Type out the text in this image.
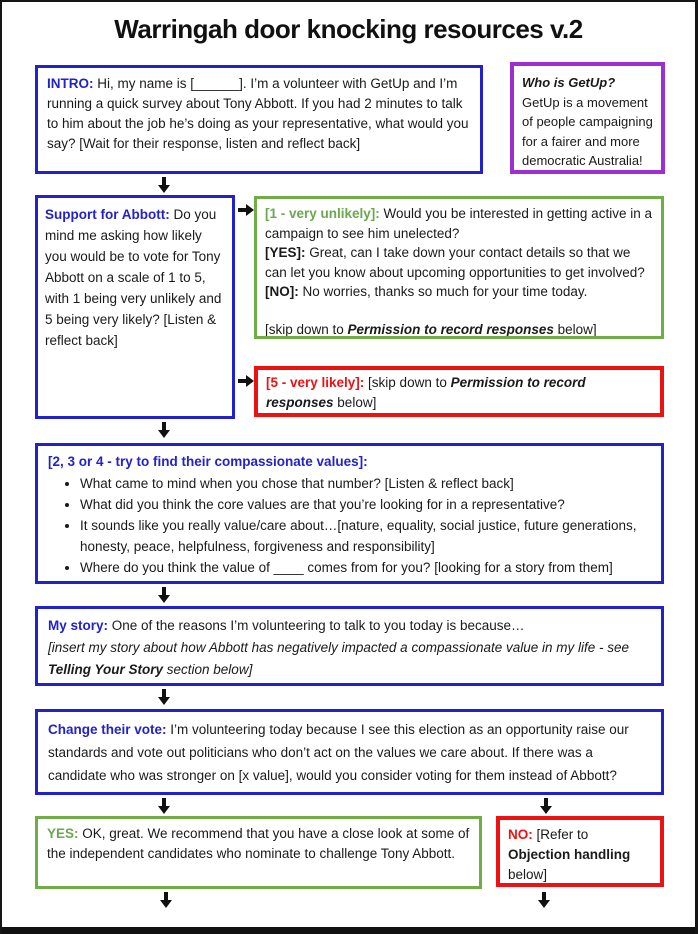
Warringah door knocking resources v.2
INTRO: Hi, my name is [______]. I’m a volunteer with GetUp and I’m running a quick survey about Tony Abbott. If you had 2 minutes to talk to him about the job he’s doing as your representative, what would you say? [Wait for their response, listen and reflect back]
Who is GetUp? GetUp is a movement of people campaigning for a fairer and more democratic Australia!
Support for Abbott: Do you mind me asking how likely you would be to vote for Tony Abbott on a scale of 1 to 5, with 1 being very unlikely and 5 being very likely? [Listen & reflect back]
[1 - very unlikely]: Would you be interested in getting active in a campaign to see him unelected?
[YES]: Great, can I take down your contact details so that we can let you know about upcoming opportunities to get involved?
[NO]: No worries, thanks so much for your time today.
[skip down to Permission to record responses below]
[5 - very likely]: [skip down to Permission to record responses below]
[2, 3 or 4 - try to find their compassionate values]:
• What came to mind when you chose that number? [Listen & reflect back]
• What did you think the core values are that you’re looking for in a representative?
• It sounds like you really value/care about…[nature, equality, social justice, future generations, honesty, peace, helpfulness, forgiveness and responsibility]
• Where do you think the value of ____ comes from for you? [looking for a story from them]
My story: One of the reasons I’m volunteering to talk to you today is because…
[insert my story about how Abbott has negatively impacted a compassionate value in my life - see Telling Your Story section below]
Change their vote: I’m volunteering today because I see this election as an opportunity raise our standards and vote out politicians who don’t act on the values we care about. If there was a candidate who was stronger on [x value], would you consider voting for them instead of Abbott?
YES: OK, great. We recommend that you have a close look at some of the independent candidates who nominate to challenge Tony Abbott.
NO: [Refer to Objection handling below]
